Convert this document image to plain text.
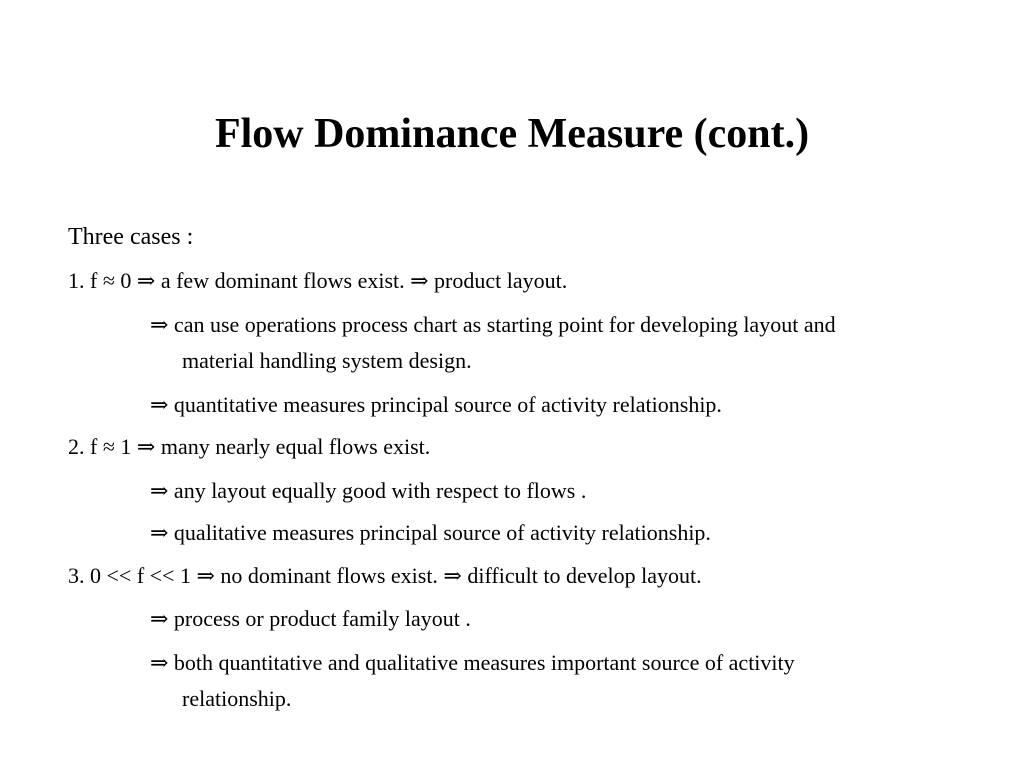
Flow Dominance Measure (cont.)
Three cases :
1. f ≈ 0 ⇒ a few dominant flows exist. ⇒ product layout.
⇒ can use operations process chart as starting point for developing layout and
material handling system design.
⇒ quantitative measures principal source of activity relationship.
2. f ≈ 1 ⇒ many nearly equal flows exist.
⇒ any layout equally good with respect to flows .
⇒ qualitative measures principal source of activity relationship.
3. 0 << f << 1 ⇒ no dominant flows exist. ⇒ difficult to develop layout.
⇒ process or product family layout .
⇒ both quantitative and qualitative measures important source of activity
relationship.
